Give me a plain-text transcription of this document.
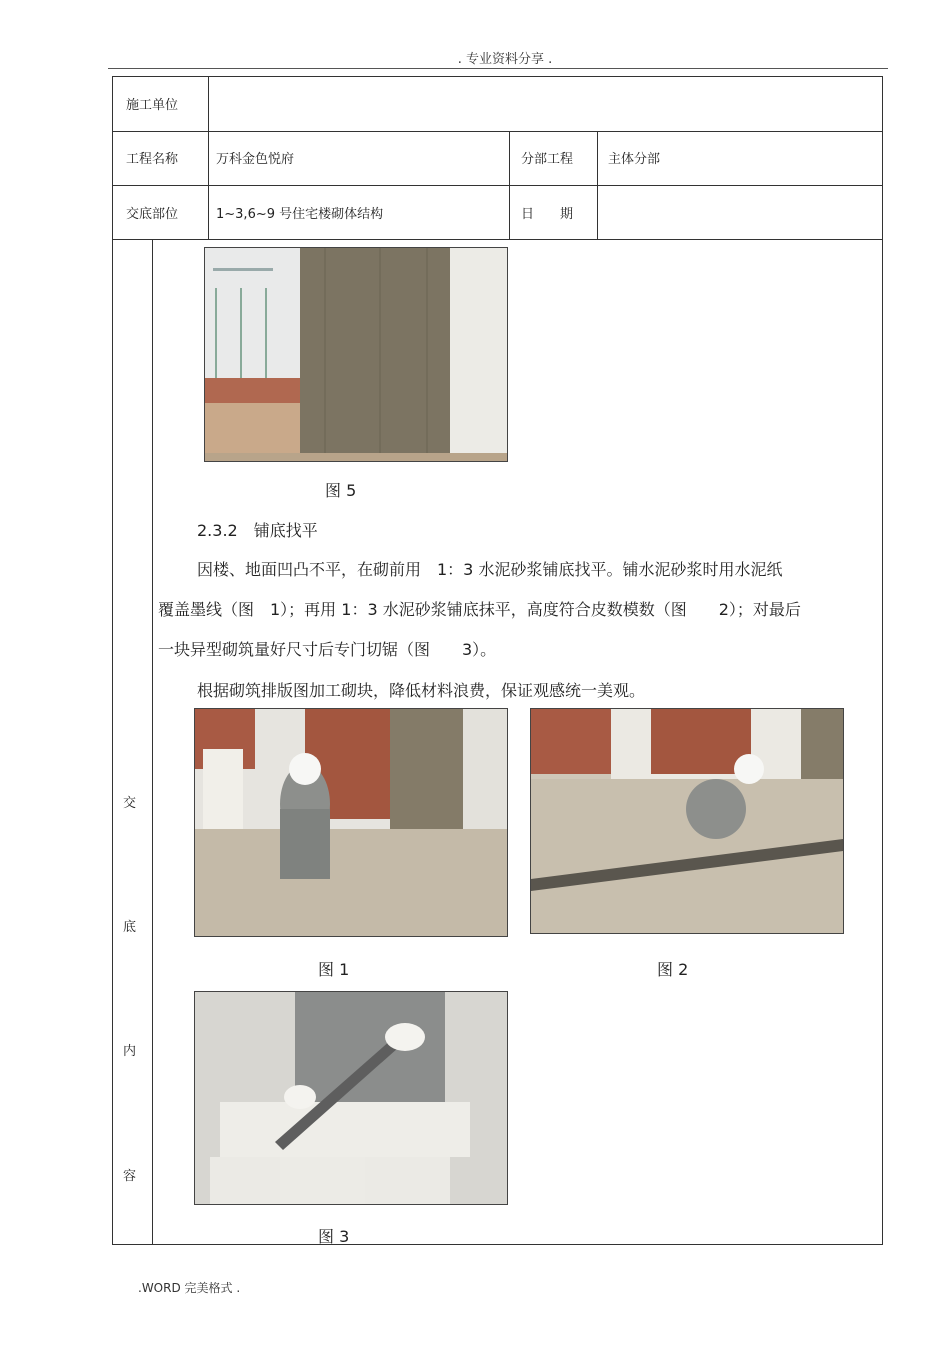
. 专业资料分享 .
.WORD 完美格式 .
施工单位
工程名称	万科金色悦府	分部工程	主体分部
交底部位	1~3,6~9 号住宅楼砌体结构	日　　期
交
底
内
容
图 5
2.3.2　铺底找平
因楼、地面凹凸不平，在砌前用　1：3 水泥砂浆铺底找平。铺水泥砂浆时用水泥纸
覆盖墨线（图　1）；再用 1：3 水泥砂浆铺底抹平，高度符合皮数模数（图　　2）；对最后
一块异型砌筑量好尺寸后专门切锯（图　　3）。
根据砌筑排版图加工砌块，降低材料浪费，保证观感统一美观。
图 1	图 2
图 3
